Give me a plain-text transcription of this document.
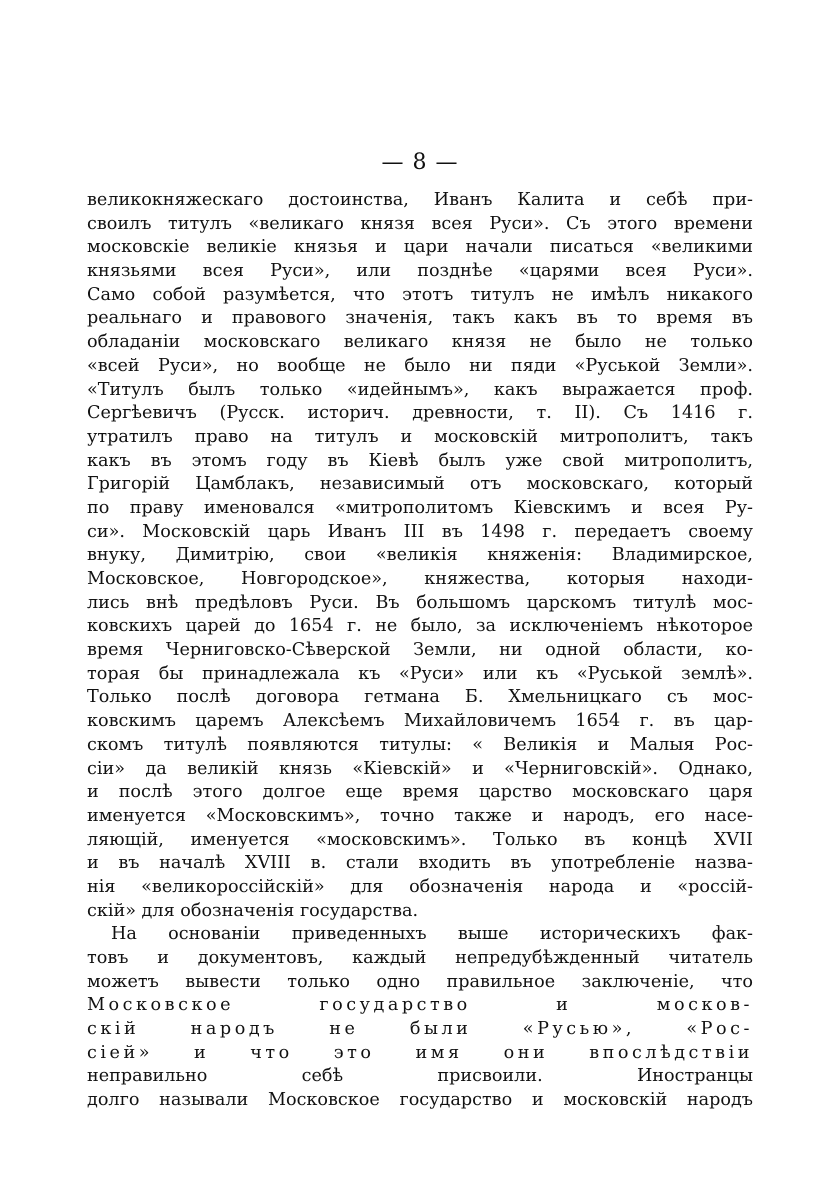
— 8 —
великокняжескаго достоинства, Иванъ Калита и себѣ при-
своилъ титулъ «великаго князя всея Руси». Съ этого времени
московскіе великіе князья и цари начали писаться «великими
князьями всея Руси», или позднѣе «царями всея Руси».
Само собой разумѣется, что этотъ титулъ не имѣлъ никакого
реальнаго и правового значенія, такъ какъ въ то время въ
обладаніи московскаго великаго князя не было не только
«всей Руси», но вообще не было ни пяди «Руськой Земли».
«Титулъ былъ только «идейнымъ», какъ выражается проф.
Сергѣевичъ (Русск. историч. древности, т. II). Съ 1416 г.
утратилъ право на титулъ и московскій митрополитъ, такъ
какъ въ этомъ году въ Кіевѣ былъ уже свой митрополитъ,
Григорій Цамблакъ, независимый отъ московскаго, который
по праву именовался «митрополитомъ Кіевскимъ и всея Ру-
си». Московскій царь Иванъ III въ 1498 г. передаетъ своему
внуку, Димитрію, свои «великія княженія: Владимирское,
Московское, Новгородское», княжества, которыя находи-
лись внѣ предѣловъ Руси. Въ большомъ царскомъ титулѣ мос-
ковскихъ царей до 1654 г. не было, за исключеніемъ нѣкоторое
время Черниговско-Сѣверской Земли, ни одной области, ко-
торая бы принадлежала къ «Руси» или къ «Руськой землѣ».
Только послѣ договора гетмана Б. Хмельницкаго съ мос-
ковскимъ царемъ Алексѣемъ Михайловичемъ 1654 г. въ цар-
скомъ титулѣ появляются титулы: « Великія и Малыя Рос-
сіи» да великій князь «Кіевскій» и «Черниговскій». Однако,
и послѣ этого долгое еще время царство московскаго царя
именуется «Московскимъ», точно также и народъ, его насе-
ляющій, именуется «московскимъ». Только въ концѣ XVII
и въ началѣ XVIII в. стали входить въ употребленіе назва-
нія «великороссійскій» для обозначенія народа и «россій-
скій» для обозначенія государства.
На основаніи приведенныхъ выше историческихъ фак-
товъ и документовъ, каждый непредубѣжденный читатель
можетъ вывести только одно правильное заключеніе, что
Московское государство и москов-
скій народъ не были «Русью», «Рос-
сіей» и что это имя они впослѣдствіи
неправильно себѣ присвоили. Иностранцы
долго называли Московское государство и московскій народъ
